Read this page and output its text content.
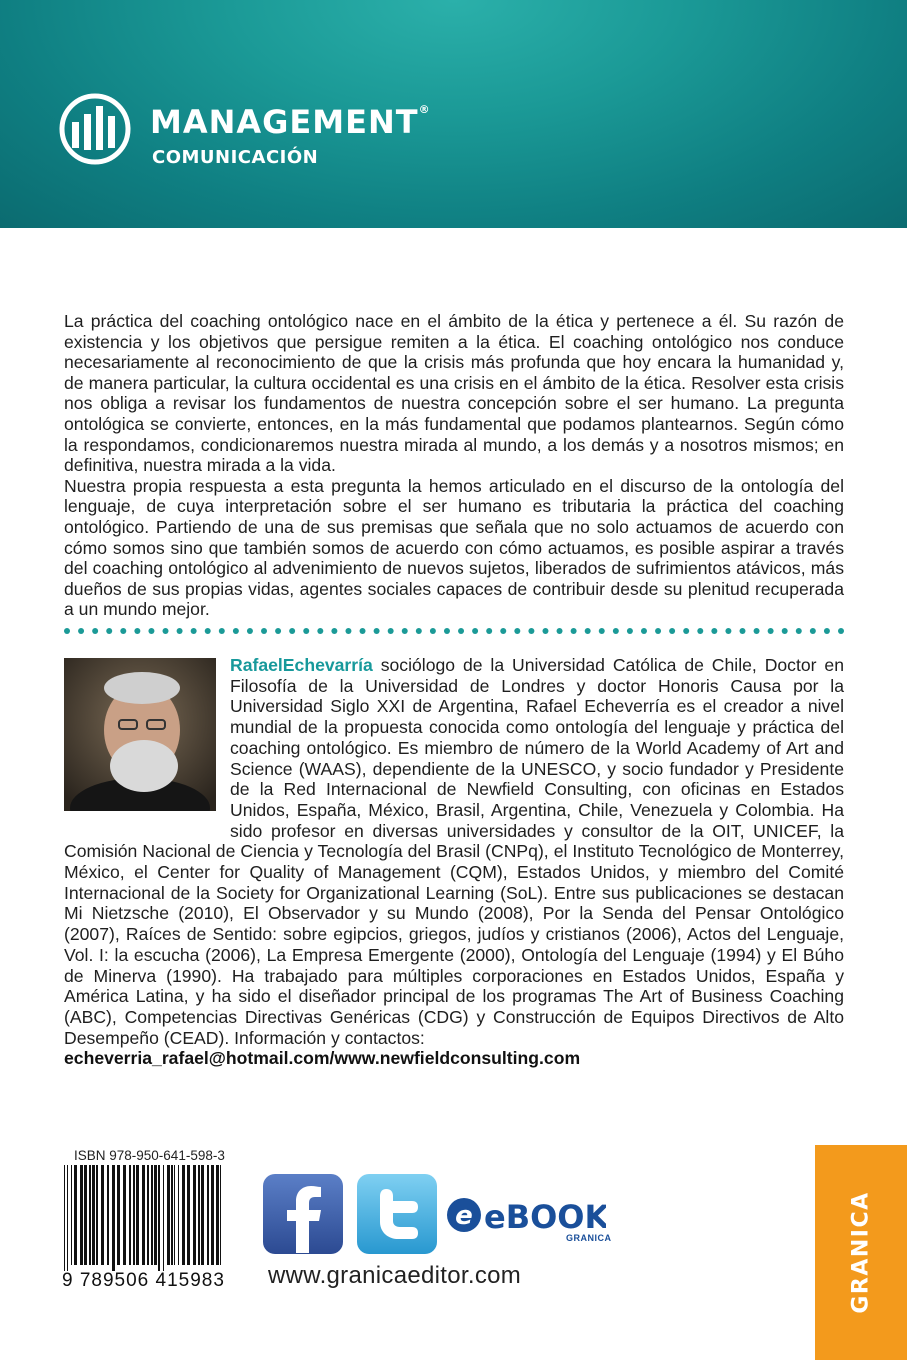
MANAGEMENT®
COMUNICACIÓN

La práctica del coaching ontológico nace en el ámbito de la ética y pertenece a él. Su razón de existencia y los objetivos que persigue remiten a la ética. El coaching ontológico nos conduce necesariamente al reconocimiento de que la crisis más profunda que hoy encara la humanidad y, de manera particular, la cultura occidental es una crisis en el ámbito de la ética. Resolver esta crisis nos obliga a revisar los fundamentos de nuestra concepción sobre el ser humano. La pregunta ontológica se convierte, entonces, en la más fundamental que podamos plantearnos. Según cómo la respondamos, condicionaremos nuestra mirada al mundo, a los demás y a nosotros mismos; en definitiva, nuestra mirada a la vida.

Nuestra propia respuesta a esta pregunta la hemos articulado en el discurso de la ontología del lenguaje, de cuya interpretación sobre el ser humano es tributaria la práctica del coaching ontológico. Partiendo de una de sus premisas que señala que no solo actuamos de acuerdo con cómo somos sino que también somos de acuerdo con cómo actuamos, es posible aspirar a través del coaching ontológico al advenimiento de nuevos sujetos, liberados de sufrimientos atávicos, más dueños de sus propias vidas, agentes sociales capaces de contribuir desde su plenitud recuperada a un mundo mejor.

RafaelEchevarría sociólogo de la Universidad Católica de Chile, Doctor en Filosofía de la Universidad de Londres y doctor Honoris Causa por la Universidad Siglo XXI de Argentina, Rafael Echeverría es el creador a nivel mundial de la propuesta conocida como ontología del lenguaje y práctica del coaching ontológico. Es miembro de número de la World Academy of Art and Science (WAAS), dependiente de la UNESCO, y socio fundador y Presidente de la Red Internacional de Newfield Consulting, con oficinas en Estados Unidos, España, México, Brasil, Argentina, Chile, Venezuela y Colombia. Ha sido profesor en diversas universidades y consultor de la OIT, UNICEF, la Comisión Nacional de Ciencia y Tecnología del Brasil (CNPq), el Instituto Tecnológico de Monterrey, México, el Center for Quality of Management (CQM), Estados Unidos, y miembro del Comité Internacional de la Society for Organizational Learning (SoL). Entre sus publicaciones se destacan Mi Nietzsche (2010), El Observador y su Mundo (2008), Por la Senda del Pensar Ontológico (2007), Raíces de Sentido: sobre egipcios, griegos, judíos y cristianos (2006), Actos del Lenguaje, Vol. I: la escucha (2006), La Empresa Emergente (2000), Ontología del Lenguaje (1994) y El Búho de Minerva (1990). Ha trabajado para múltiples corporaciones en Estados Unidos, España y América Latina, y ha sido el diseñador principal de los programas The Art of Business Coaching (ABC), Competencias Directivas Genéricas (CDG) y Construcción de Equipos Directivos de Alto Desempeño (CEAD). Información y contactos:
echeverria_rafael@hotmail.com/www.newfieldconsulting.com
ISBN 978-950-641-598-3
9 789506 415983
e eBOOK
GRANICA
www.granicaeditor.com	GRANICA
